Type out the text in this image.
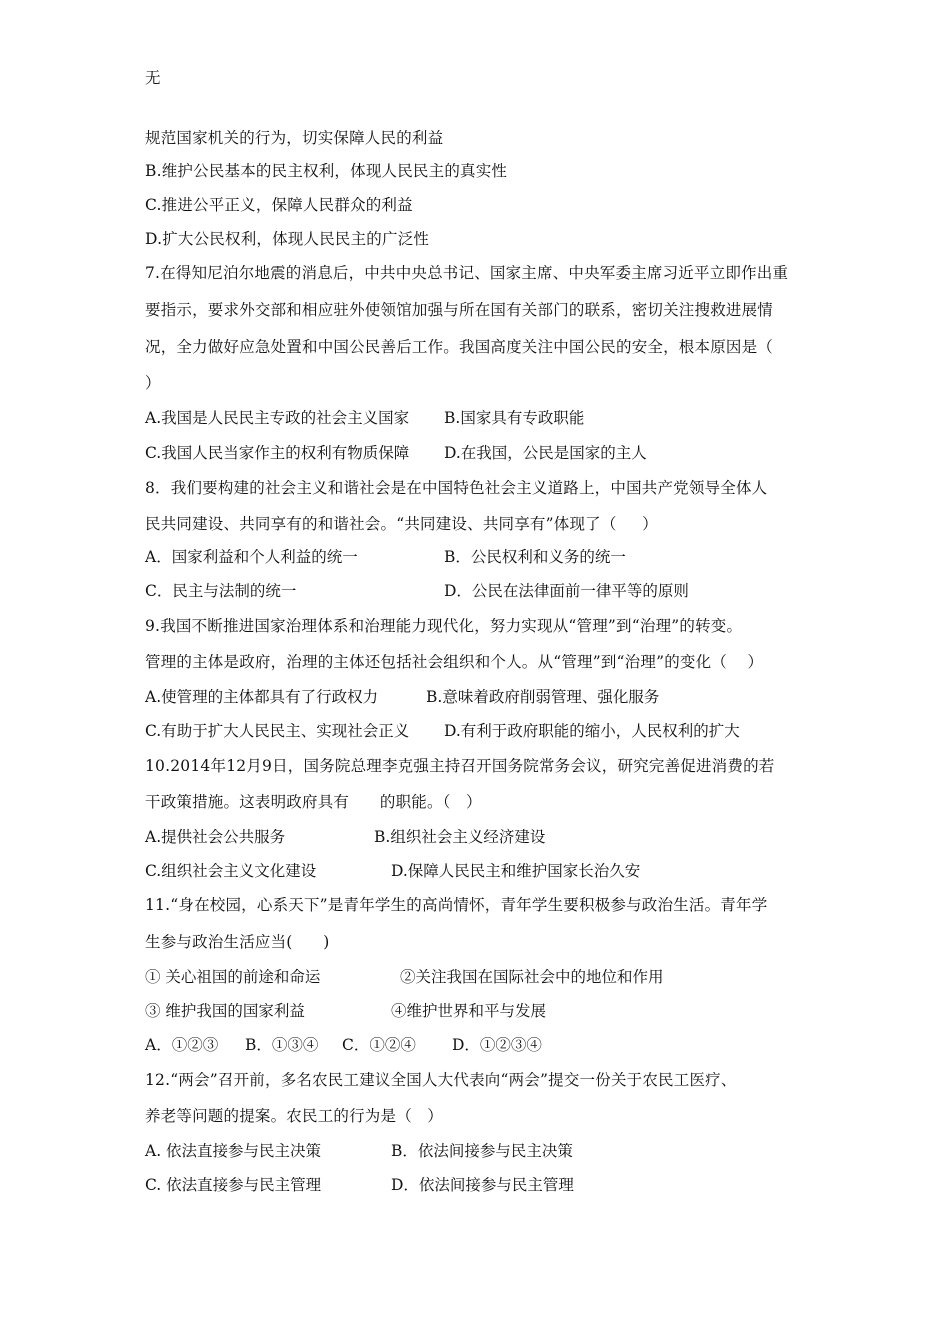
无
规范国家机关的行为，切实保障人民的利益
B.维护公民基本的民主权利，体现人民民主的真实性
C.推进公平正义，保障人民群众的利益
D.扩大公民权利，体现人民民主的广泛性
7.在得知尼泊尔地震的消息后，中共中央总书记、国家主席、中央军委主席习近平立即作出重
要指示，要求外交部和相应驻外使领馆加强与所在国有关部门的联系，密切关注搜救进展情
况，全力做好应急处置和中国公民善后工作。我国高度关注中国公民的安全，根本原因是（
）
A.我国是人民民主专政的社会主义国家 B.国家具有专政职能
C.我国人民当家作主的权利有物质保障 D.在我国，公民是国家的主人
8．我们要构建的社会主义和谐社会是在中国特色社会主义道路上，中国共产党领导全体人
民共同建设、共同享有的和谐社会。“共同建设、共同享有”体现了（     ）
A．国家利益和个人利益的统一	B．公民权利和义务的统一
C．民主与法制的统一	D．公民在法律面前一律平等的原则
9.我国不断推进国家治理体系和治理能力现代化，努力实现从“管理”到“治理”的转变。
管理的主体是政府，治理的主体还包括社会组织和个人。从“管理”到“治理”的变化（    ）
A.使管理的主体都具有了行政权力	B.意味着政府削弱管理、强化服务
C.有助于扩大人民民主、实现社会正义 D.有利于政府职能的缩小，人民权利的扩大
10.2014年12月9日，国务院总理李克强主持召开国务院常务会议，研究完善促进消费的若
干政策措施。这表明政府具有      的职能。（   ）
A.提供社会公共服务	B.组织社会主义经济建设
C.组织社会主义文化建设	D.保障人民民主和维护国家长治久安
11.“身在校园，心系天下”是青年学生的高尚情怀，青年学生要积极参与政治生活。青年学
生参与政治生活应当(      )
① 关心祖国的前途和命运	②关注我国在国际社会中的地位和作用
③ 维护我国的国家利益	④维护世界和平与发展
A．①②③ B．①③④ C．①②④ D．①②③④
12.“两会”召开前，多名农民工建议全国人大代表向“两会”提交一份关于农民工医疗、
养老等问题的提案。农民工的行为是（   ）
A. 依法直接参与民主决策	B．依法间接参与民主决策
C. 依法直接参与民主管理	D．依法间接参与民主管理
